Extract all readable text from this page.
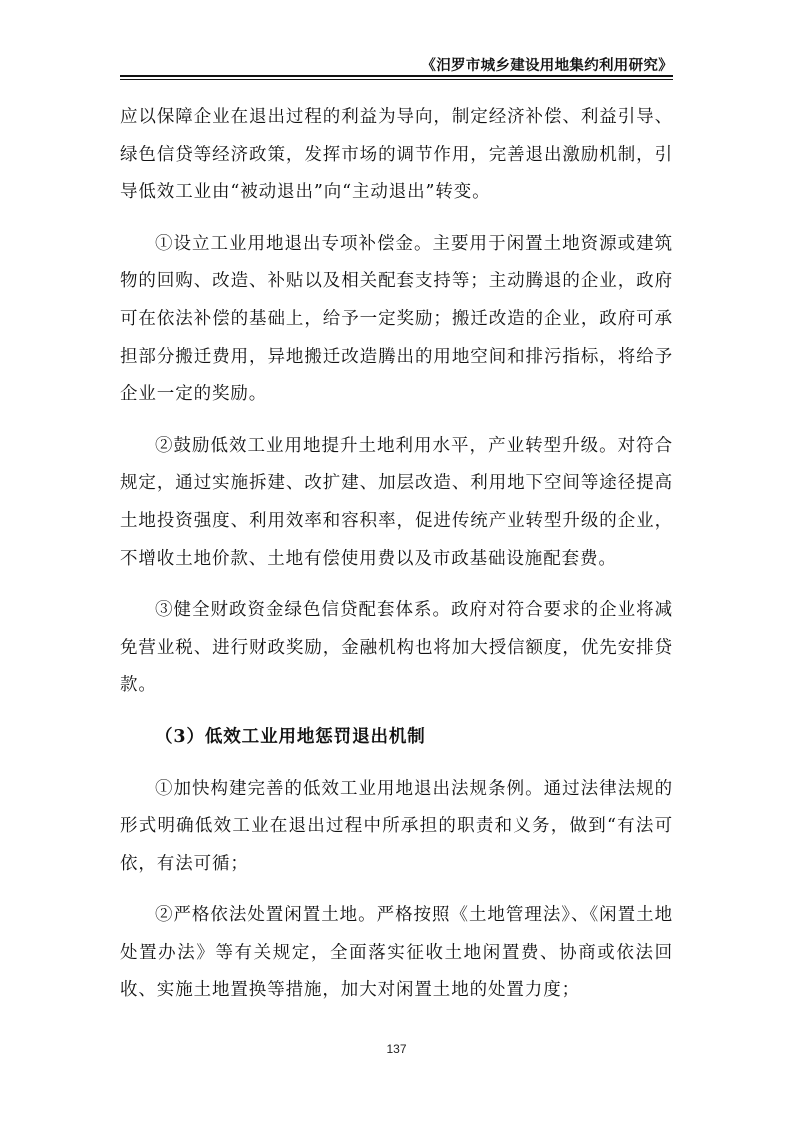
《汨罗市城乡建设用地集约利用研究》

应以保障企业在退出过程的利益为导向，制定经济补偿、利益引导、绿色信贷等经济政策，发挥市场的调节作用，完善退出激励机制，引导低效工业由“被动退出”向“主动退出”转变。

①设立工业用地退出专项补偿金。主要用于闲置土地资源或建筑物的回购、改造、补贴以及相关配套支持等；主动腾退的企业，政府可在依法补偿的基础上，给予一定奖励；搬迁改造的企业，政府可承担部分搬迁费用，异地搬迁改造腾出的用地空间和排污指标，将给予企业一定的奖励。

②鼓励低效工业用地提升土地利用水平，产业转型升级。对符合规定，通过实施拆建、改扩建、加层改造、利用地下空间等途径提高土地投资强度、利用效率和容积率，促进传统产业转型升级的企业，不增收土地价款、土地有偿使用费以及市政基础设施配套费。

③健全财政资金绿色信贷配套体系。政府对符合要求的企业将减免营业税、进行财政奖励，金融机构也将加大授信额度，优先安排贷款。

（3）低效工业用地惩罚退出机制

①加快构建完善的低效工业用地退出法规条例。通过法律法规的形式明确低效工业在退出过程中所承担的职责和义务，做到“有法可依，有法可循；

②严格依法处置闲置土地。严格按照《土地管理法》、《闲置土地处置办法》等有关规定，全面落实征收土地闲置费、协商或依法回收、实施土地置换等措施，加大对闲置土地的处置力度；

137
